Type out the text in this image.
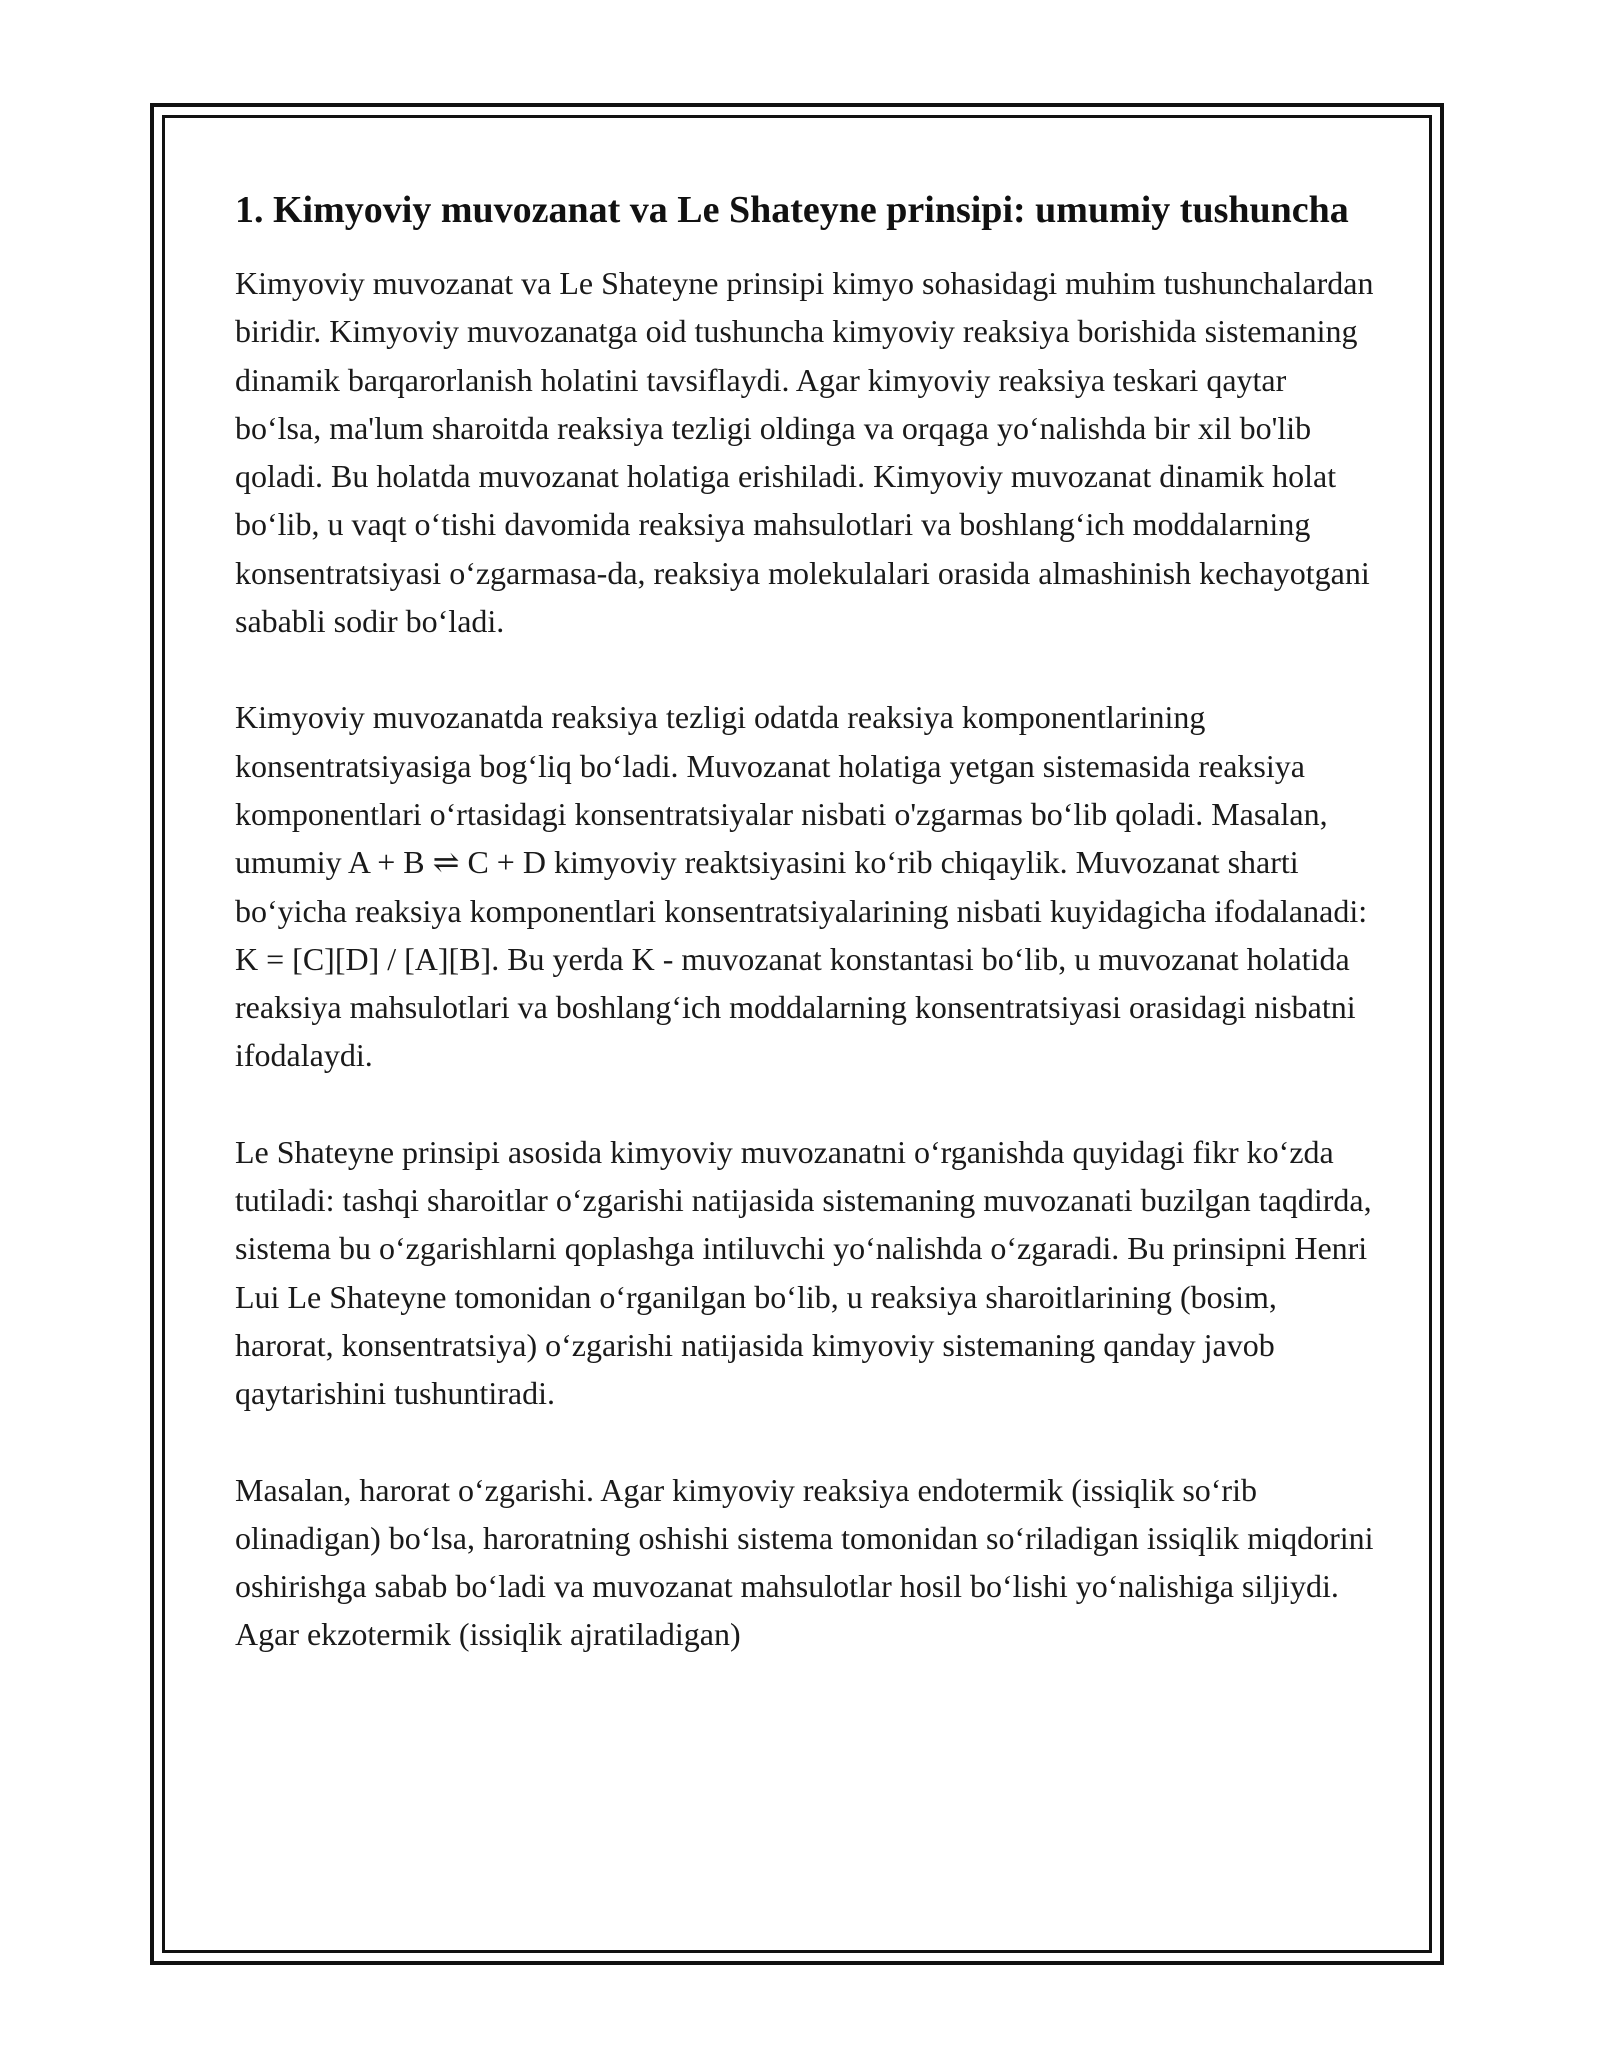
1. Kimyoviy muvozanat va Le Shateyne prinsipi: umumiy tushuncha

Kimyoviy muvozanat va Le Shateyne prinsipi kimyo sohasidagi muhim tushunchalardan biridir. Kimyoviy muvozanatga oid tushuncha kimyoviy reaksiya borishida sistemaning dinamik barqarorlanish holatini tavsiflaydi. Agar kimyoviy reaksiya teskari qaytar bo‘lsa, ma'lum sharoitda reaksiya tezligi oldinga va orqaga yo‘nalishda bir xil bo'lib qoladi. Bu holatda muvozanat holatiga erishiladi. Kimyoviy muvozanat dinamik holat bo‘lib, u vaqt o‘tishi davomida reaksiya mahsulotlari va boshlang‘ich moddalarning konsentratsiyasi o‘zgarmasa-da, reaksiya molekulalari orasida almashinish kechayotgani sababli sodir bo‘ladi.

Kimyoviy muvozanatda reaksiya tezligi odatda reaksiya komponentlarining konsentratsiyasiga bog‘liq bo‘ladi. Muvozanat holatiga yetgan sistemasida reaksiya komponentlari o‘rtasidagi konsentratsiyalar nisbati o'zgarmas bo‘lib qoladi. Masalan, umumiy A + B ⇌ C + D kimyoviy reaktsiyasini ko‘rib chiqaylik. Muvozanat sharti bo‘yicha reaksiya komponentlari konsentratsiyalarining nisbati kuyidagicha ifodalanadi: K = [C][D] / [A][B]. Bu yerda K - muvozanat konstantasi bo‘lib, u muvozanat holatida reaksiya mahsulotlari va boshlang‘ich moddalarning konsentratsiyasi orasidagi nisbatni ifodalaydi.

Le Shateyne prinsipi asosida kimyoviy muvozanatni o‘rganishda quyidagi fikr ko‘zda tutiladi: tashqi sharoitlar o‘zgarishi natijasida sistemaning muvozanati buzilgan taqdirda, sistema bu o‘zgarishlarni qoplashga intiluvchi yo‘nalishda o‘zgaradi. Bu prinsipni Henri Lui Le Shateyne tomonidan o‘rganilgan bo‘lib, u reaksiya sharoitlarining (bosim, harorat, konsentratsiya) o‘zgarishi natijasida kimyoviy sistemaning qanday javob qaytarishini tushuntiradi.

Masalan, harorat o‘zgarishi. Agar kimyoviy reaksiya endotermik (issiqlik so‘rib olinadigan) bo‘lsa, haroratning oshishi sistema tomonidan so‘riladigan issiqlik miqdorini oshirishga sabab bo‘ladi va muvozanat mahsulotlar hosil bo‘lishi yo‘nalishiga siljiydi. Agar ekzotermik (issiqlik ajratiladigan)
